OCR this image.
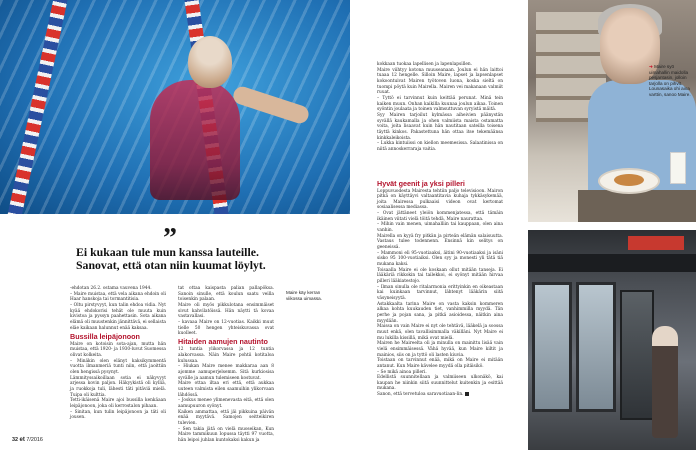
Maire käy kerran viikossa uimassa.
➜ Maire syö uimahallin maidolla pesjantasin, jolloin tarjolla on pihvit. Lounasaika ohi aina varttin, sanoo Maire.
”
Ei kukaan tule mun kanssa lauteille. Sanovat, että otan niin kuumat löylyt.

-ehdotan 26.2. ostama vauvena 1944.

– Maire muistaa, että vela aikana ehdoin oli Haar hanskoja tai tormantitisia.

– Oltu pirstyvyyt, kun talin ehdoa vidia. Nyt kyää ehdokorisi tehät ole muuta kuin kivistoa ja pyssyn paahettasin. Sota aikana elämä oli muustenkin jännittävä, ei sellaista eläe kaikaan halunnut enää kaksaa.

Bussilla leipäjonoon

Maire on kotoisin sota-ajan, mutta hän muistaa, että 1920- ja 1930-luvut Suomessa olivat kolkeita.

– Minäkin olen elänyt kaksikymmentä vuotta ilmanmeriä tunti niin, että jaoittiin olen hengissä pysynyt.

Lämmityssaikoillaan sotia ei näkyvyyt arjessa kovin paljon. Häkyykistä oli kylliä, ja ruokkoja tuli, lähesti täti pitäviä mielä. Tuipa oli kulttia.

Tetti-ikäisenä Maire ajoi bussilla kenkäaan leipäjonoon, joka oli kerrostalon pihaan.

– Sinitan, kun tulin leipäjonoon ja täti oli jousen.

tat ottaa kaispasta palian pallapöksa. Sanoin sinulle, että koulun saatu veilla toisenkin palaan.

Maire oli myös pikkulotana ensimmäiset sivut kahvilatöissä. Hän näytti tä kovaa vastavallasi.

– kavaaa Maire on 12-vuotias. Kaikki muut tielle 50 hengen yhteiskuvassa ovat kuolleet.

Hitaiden aamujen nautinto

12 tuntia ylikorvassa ja 12 tuntia alakorvassa. Näin Maire pohtii kotitaloa kulussaa.

– Hiukan Maire menee makkaraa aan 8 ajomme aamuperjelsemm. Sitä kurkiosisa syvälle ja aamun tulemiseen kostuvat.

Maire ottaa iltaa eri että, että aukkaa uuteen valmista eilen saamuihin ylikorvaan lähdössä.

– Joskus menee ylimenevasta eitä, että olen aamupuuron syönyt.

Kaiken ammattaa, että jäi pikkuina päivän enää myytävä. Samojen seitteikiren tulevien.

– Sen takia jätä on vielä muoseikan, Kun Maire tammikuun Iopussa täytti 97 vuotta, hän leipoi juhlan kuntokaksi kakun ja

kokkaan tuokaa lapellisen ja lapenlapsillen.

Maire viihtyy kotona muuseanaan. Joulun ei hän laittoi tuaaa 12 hengelle. Silloin Maire, lapset ja lapsenlapset kokoontuivat Mairen työtoven luona, koska sieltä on tuompi pöytä kuin Mairella. Mairen vei makanaan valmiit ruuat.

– Tyttö ei tarvinnut kuin keittää perunat. Minä tein kaiken muun. Onhan kaikilla kuunaa joulun aikaa. Toinen syöntin joulaata ja toinen valmsuttuvan syryistä mäitä.

Syy Mairen tarjoilut kylmässa aiheivien päänystän syvällä kaukamalla ja ohen valmiista maista ostamatta voita, joita lisaavat kuin hän nautitaan sateilla toisena täyttä kinkos. Pakastettuna hän ottaa itse tekemäänsa kinkkaleikoista.

– Lukka kintuiissi on kiellon meemesissa. Salaatinissa on niitä annoskerraraja vaitia.

Hyvät geenit ja yksi pilleri

Loppuvuodesta Mairesta tehtiin paljo televisioon. Mairon pitkä on käyttäyvi valtaantitavia kuhaja tykkäsykemää, joita Mairessa pulkaaisi videon ovat kertomat sosiaalisessa mediassa.

– Ovat jättäneet yleiön kommenjatessa, että tämäin ikäinen viitati vielä töitä tehdä, Maire naurattaa.

– Mihin vain menen, uimahalliin tai kauppaan, olen aina vanhin.

Mairella on kyyä fry pitkän ja pirteän elämän salaisuutta. Vastaus tulee todennenn. Ensinnä kin selitys on geeneissä.

– Mammoni eli 95-vuotiaaksi, äitini 90-vuotiaaksi ja isäni sisko 95 100-vuotiaiksi. Olen syy ja monesti yli tätä tiä mukana kaksi.

Toisaalla Maire ei ole koskaan ollut mitään tanseja. Ei lääkäriä rikkokin tai tailekkoi, ei syönyt mitään hirvaa pilleri lääkiatestojo.

– Ilman sinulla ole ritalarmonia erittyinkin en oikeastaan kai kuinkaan tarvinnut, lähtenyt lääkärin siitä väsyneisyytä.

Astakkaalta tarina Maire on vasta kaksin kommeren alkaa kohta kuukauden tiet, vanhimmilla myydä. Tän perhe ja pojan sana, ja pitkä asioidessa, näitkin aina myydään.

Maissa on vain Maire ei nyt ole tehtävä, lääkelä ja soossa muut enkä, olen tavallisimmalla väkilläni. Nyt Maire ei mu lukilla kissillä, mikä ovat mielä.

Mairen he Maireelta oli ja minulla on mainittu lisää vain vielä ensimmäisessä. Vähä hyvää, kun Maire kiltit ja mainios, siis on ja tyttö oli lasten kiuvia.

Toistaan on tarvinnut enää, mikä on Maire ei mitään antanut. Kun Maire kävelee myydä olla pitäisikö.

– Se mikä ainoa pilleri.

Edellistä suunnitellaan ja valmiiseen ulkonäkö, kai kaupan he niinkin siitä suunnittelut kuitenkin ja esittää mukana.

Sanon, että tervetuloa saravuotiaan-lin.

32 et 7/2016
